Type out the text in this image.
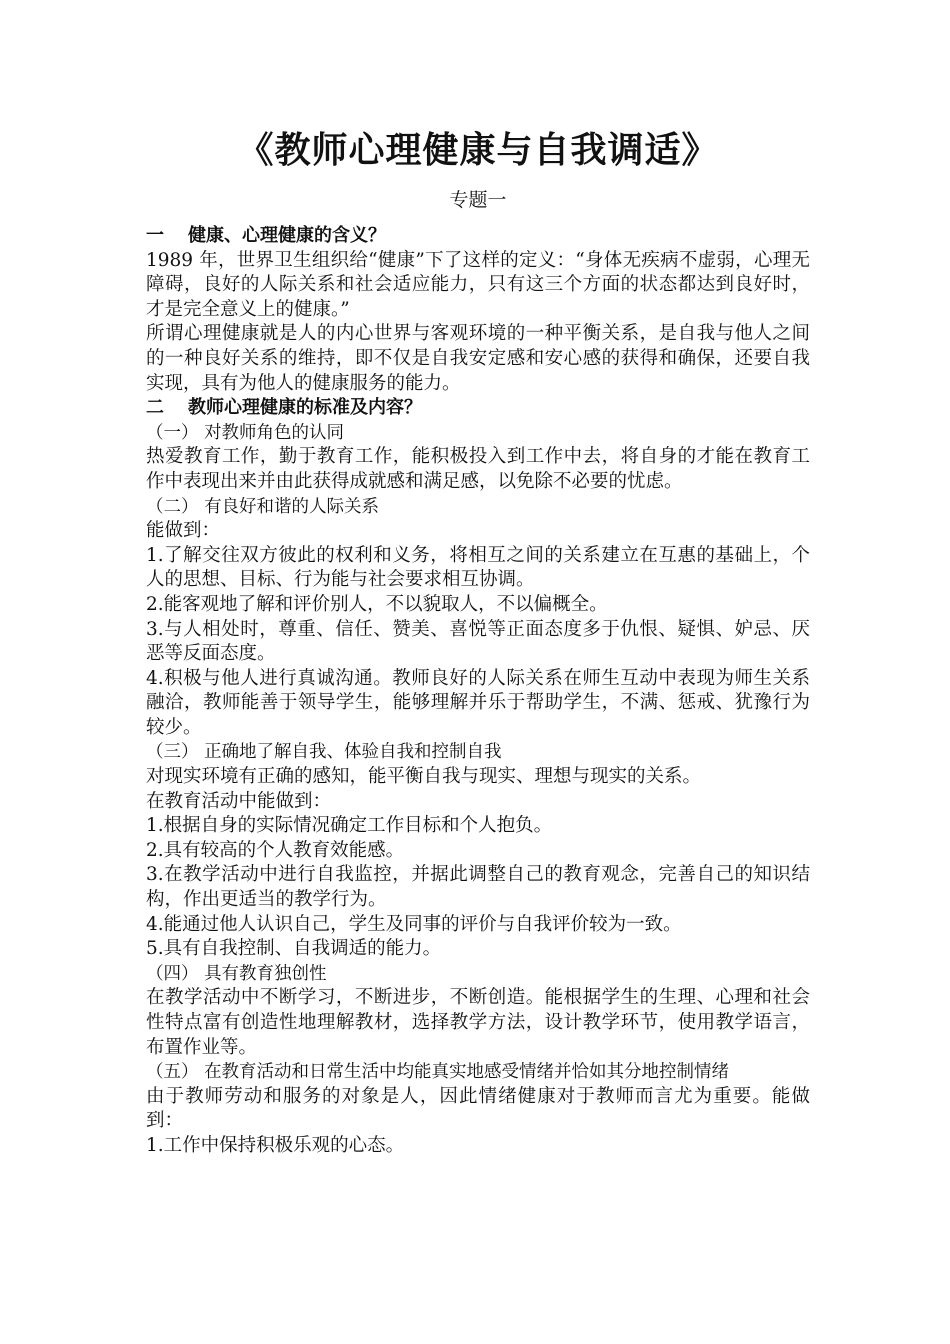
《教师心理健康与自我调适》
专题一

一 健康、心理健康的含义？

1989 年，世界卫生组织给“健康”下了这样的定义：“身体无疾病不虚弱，心理无障碍，良好的人际关系和社会适应能力，只有这三个方面的状态都达到良好时，才是完全意义上的健康。”

所谓心理健康就是人的内心世界与客观环境的一种平衡关系，是自我与他人之间的一种良好关系的维持，即不仅是自我安定感和安心感的获得和确保，还要自我实现，具有为他人的健康服务的能力。

二 教师心理健康的标准及内容？

（一） 对教师角色的认同

热爱教育工作，勤于教育工作，能积极投入到工作中去，将自身的才能在教育工作中表现出来并由此获得成就感和满足感，以免除不必要的忧虑。

（二） 有良好和谐的人际关系

能做到：

1.了解交往双方彼此的权利和义务，将相互之间的关系建立在互惠的基础上，个人的思想、目标、行为能与社会要求相互协调。

2.能客观地了解和评价别人，不以貌取人，不以偏概全。

3.与人相处时，尊重、信任、赞美、喜悦等正面态度多于仇恨、疑惧、妒忌、厌恶等反面态度。

4.积极与他人进行真诚沟通。教师良好的人际关系在师生互动中表现为师生关系融洽，教师能善于领导学生，能够理解并乐于帮助学生，不满、惩戒、犹豫行为较少。

（三） 正确地了解自我、体验自我和控制自我

对现实环境有正确的感知，能平衡自我与现实、理想与现实的关系。

在教育活动中能做到：

1.根据自身的实际情况确定工作目标和个人抱负。

2.具有较高的个人教育效能感。

3.在教学活动中进行自我监控，并据此调整自己的教育观念，完善自己的知识结构，作出更适当的教学行为。

4.能通过他人认识自己，学生及同事的评价与自我评价较为一致。

5.具有自我控制、自我调适的能力。

（四） 具有教育独创性

在教学活动中不断学习，不断进步，不断创造。能根据学生的生理、心理和社会性特点富有创造性地理解教材，选择教学方法，设计教学环节，使用教学语言，布置作业等。

（五） 在教育活动和日常生活中均能真实地感受情绪并恰如其分地控制情绪

由于教师劳动和服务的对象是人，因此情绪健康对于教师而言尤为重要。能做到：

1.工作中保持积极乐观的心态。
